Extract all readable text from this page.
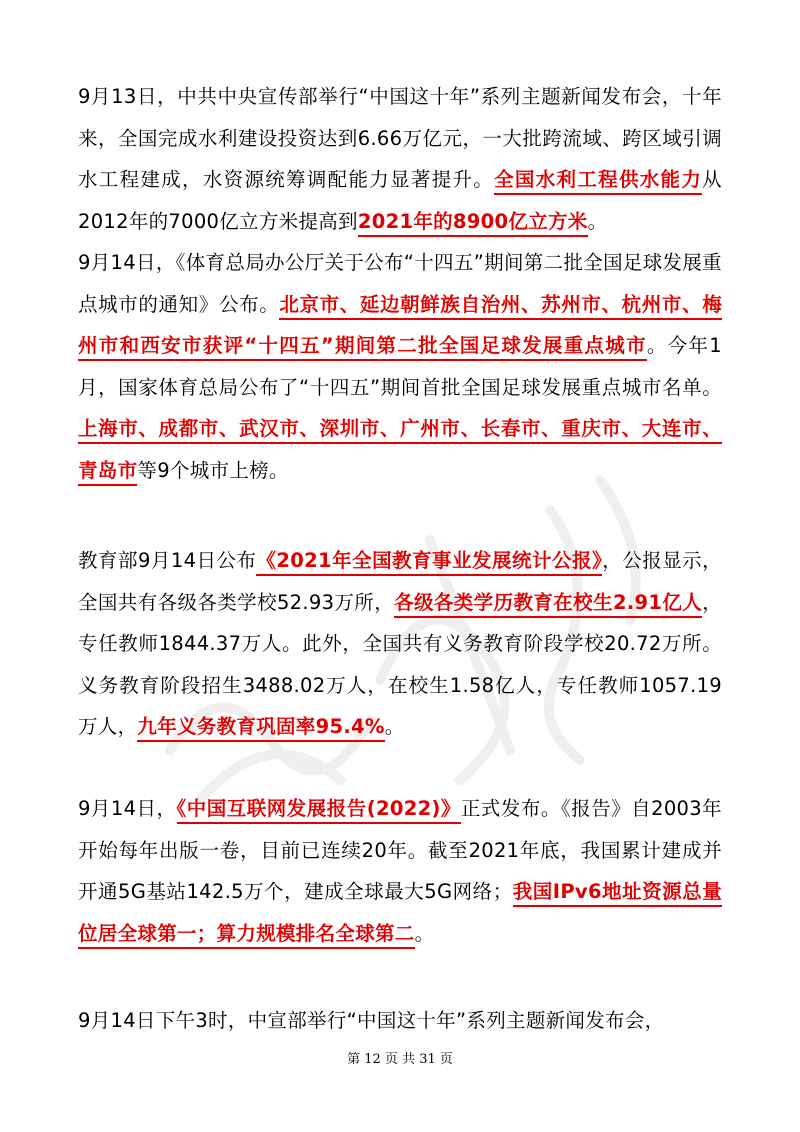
9月13日，中共中央宣传部举行“中国这十年”系列主题新闻发布会，十年来，全国完成水利建设投资达到6.66万亿元，一大批跨流域、跨区域引调水工程建成，水资源统筹调配能力显著提升。全国水利工程供水能力从2012年的7000亿立方米提高到2021年的8900亿立方米。

9月14日，《体育总局办公厅关于公布“十四五”期间第二批全国足球发展重点城市的通知》公布。北京市、延边朝鲜族自治州、苏州市、杭州市、梅州市和西安市获评“十四五”期间第二批全国足球发展重点城市。今年1月，国家体育总局公布了“十四五”期间首批全国足球发展重点城市名单。上海市、成都市、武汉市、深圳市、广州市、长春市、重庆市、大连市、青岛市等9个城市上榜。

教育部9月14日公布《2021年全国教育事业发展统计公报》，公报显示，全国共有各级各类学校52.93万所，各级各类学历教育在校生2.91亿人，专任教师1844.37万人。此外，全国共有义务教育阶段学校20.72万所。义务教育阶段招生3488.02万人，在校生1.58亿人，专任教师1057.19万人，九年义务教育巩固率95.4%。

9月14日，《中国互联网发展报告(2022)》正式发布。《报告》自2003年开始每年出版一卷，目前已连续20年。截至2021年底，我国累计建成并开通5G基站142.5万个，建成全球最大5G网络；我国IPv6地址资源总量位居全球第一；算力规模排名全球第二。

9月14日下午3时，中宣部举行“中国这十年”系列主题新闻发布会，

第 12 页 共 31 页
